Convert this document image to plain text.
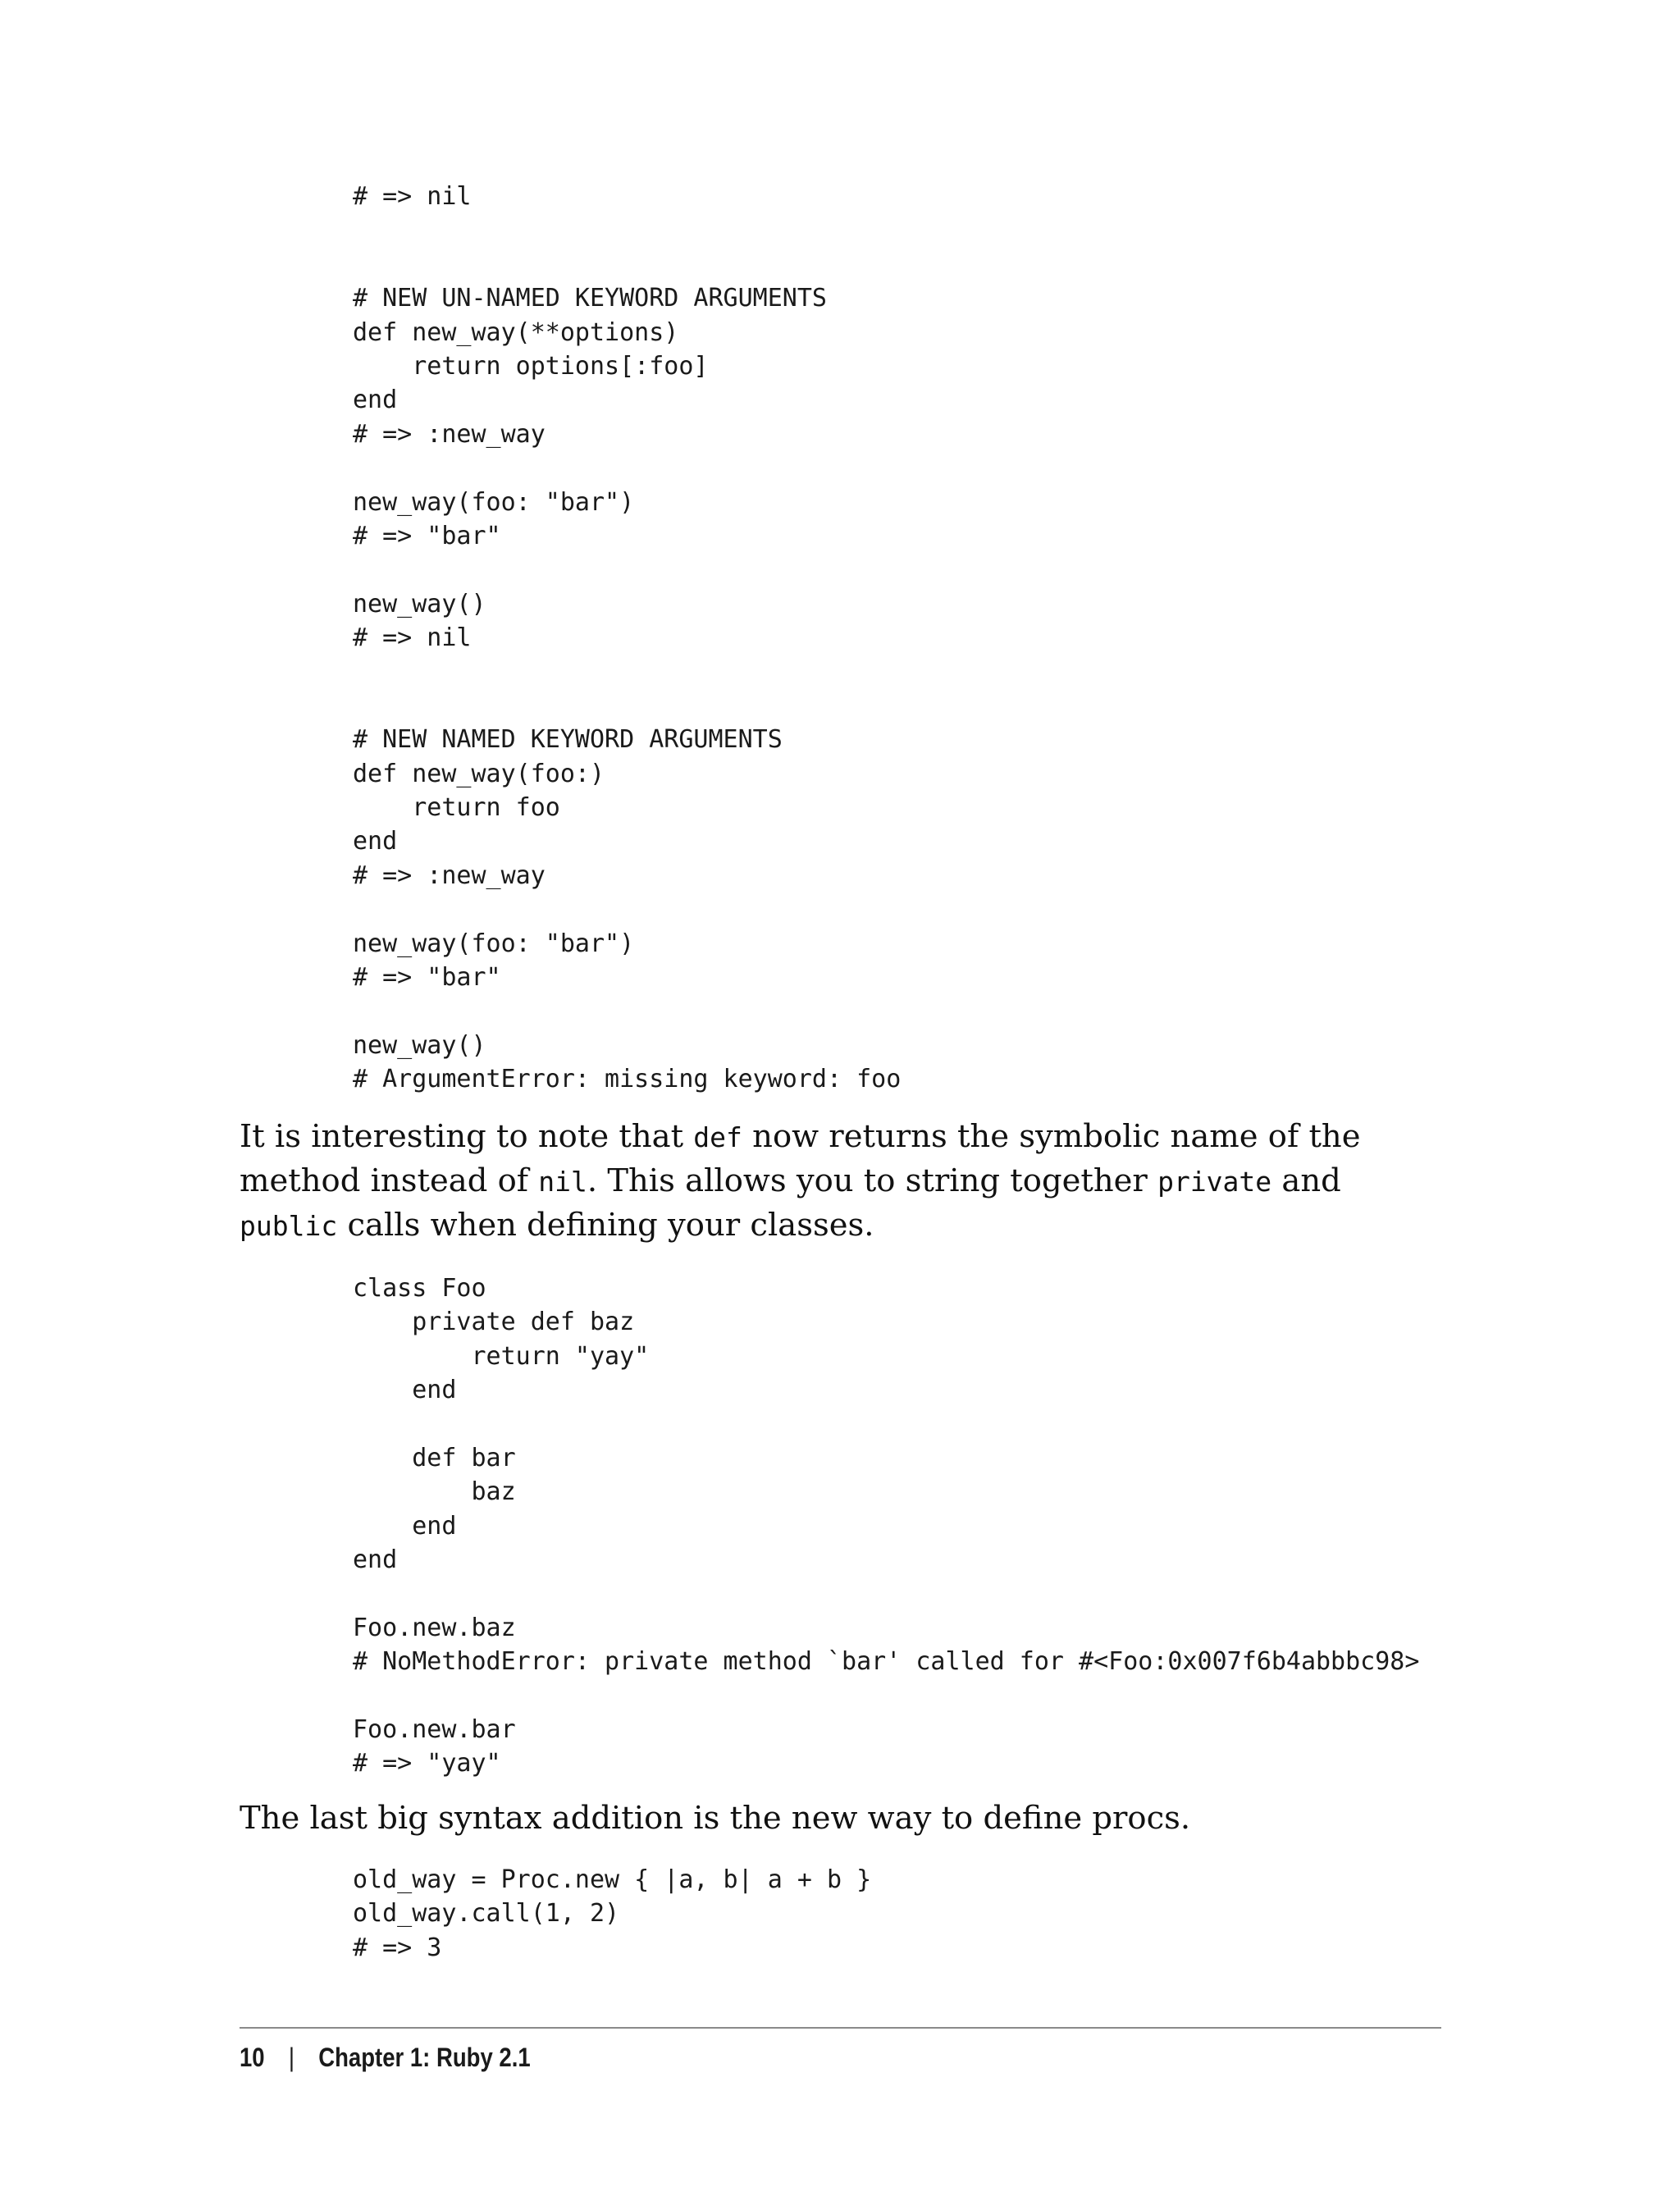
# => nil
# NEW UN-NAMED KEYWORD ARGUMENTS
def new_way(**options)
return options[:foo]
end
# => :new_way
new_way(foo: "bar")
# => "bar"
new_way()
# => nil
# NEW NAMED KEYWORD ARGUMENTS
def new_way(foo:)
return foo
end
# => :new_way
new_way(foo: "bar")
# => "bar"
new_way()
# ArgumentError: missing keyword: foo

It is interesting to note that def now returns the symbolic name of the method instead of nil. This allows you to string together private and public calls when defining your classes.

class Foo
private def baz
return "yay"
end
def bar
baz
end
end
Foo.new.baz
# NoMethodError: private method `bar' called for #<Foo:0x007f6b4abbbc98>
Foo.new.bar
# => "yay"

The last big syntax addition is the new way to define procs.

old_way = Proc.new { |a, b| a + b }
old_way.call(1, 2)
# => 3
10 | Chapter 1: Ruby 2.1
